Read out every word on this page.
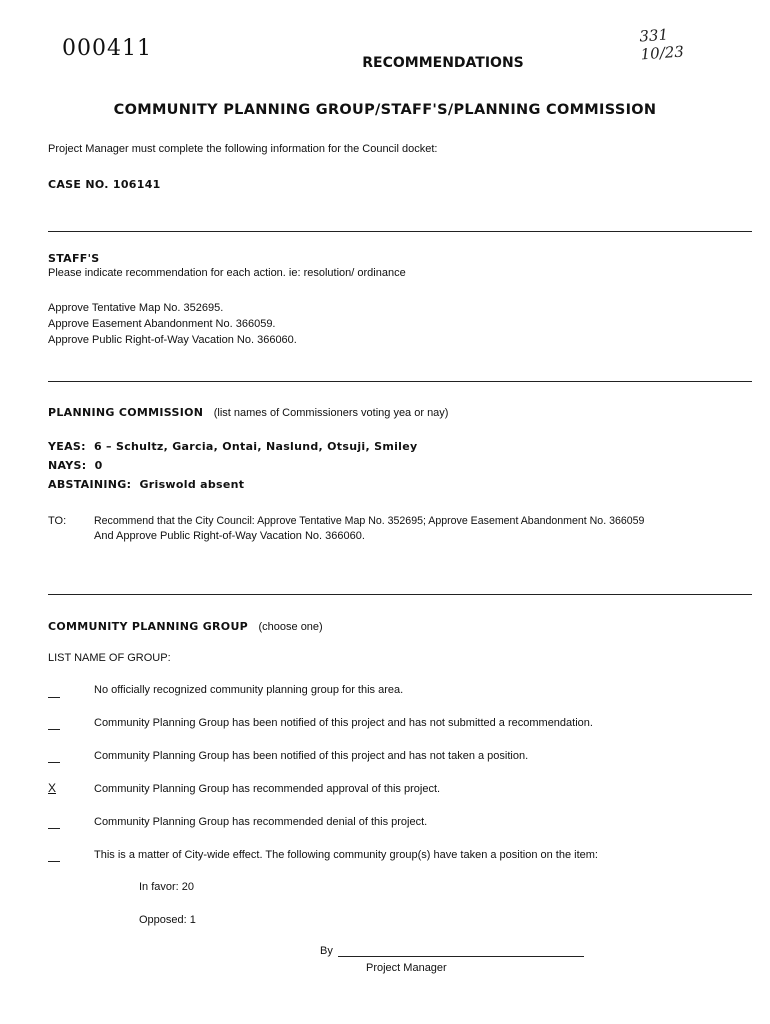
000411
331
10/23
RECOMMENDATIONS
COMMUNITY PLANNING GROUP/STAFF'S/PLANNING COMMISSION
Project Manager must complete the following information for the Council docket:
CASE NO. 106141
STAFF'S
Please indicate recommendation for each action. ie: resolution/ ordinance
Approve Tentative Map No. 352695.
Approve Easement Abandonment No. 366059.
Approve Public Right-of-Way Vacation No. 366060.
PLANNING COMMISSION (list names of Commissioners voting yea or nay)
YEAS: 6 – Schultz, Garcia, Ontai, Naslund, Otsuji, Smiley
NAYS: 0
ABSTAINING: Griswold absent
TO:	Recommend that the City Council: Approve Tentative Map No. 352695; Approve Easement Abandonment No. 366059
And Approve Public Right-of-Way Vacation No. 366060.
COMMUNITY PLANNING GROUP (choose one)
LIST NAME OF GROUP:
No officially recognized community planning group for this area.
Community Planning Group has been notified of this project and has not submitted a recommendation.
Community Planning Group has been notified of this project and has not taken a position.
X	Community Planning Group has recommended approval of this project.
Community Planning Group has recommended denial of this project.
This is a matter of City-wide effect. The following community group(s) have taken a position on the item:
In favor: 20
Opposed: 1
By
Project Manager
